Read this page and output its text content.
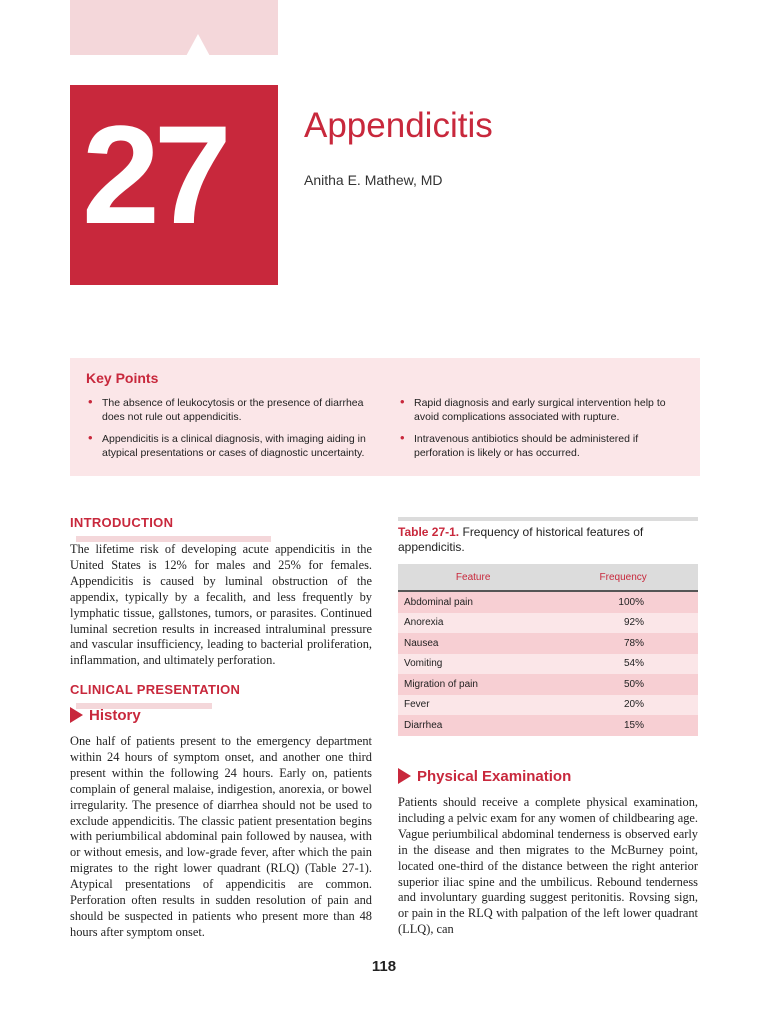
27 Appendicitis
Anitha E. Mathew, MD
Key Points
• The absence of leukocytosis or the presence of diarrhea does not rule out appendicitis.
• Appendicitis is a clinical diagnosis, with imaging aiding in atypical presentations or cases of diagnostic uncertainty.
• Rapid diagnosis and early surgical intervention help to avoid complications associated with rupture.
• Intravenous antibiotics should be administered if perforation is likely or has occurred.
INTRODUCTION

The lifetime risk of developing acute appendicitis in the United States is 12% for males and 25% for females. Appendicitis is caused by luminal obstruction of the appendix, typically by a fecalith, and less frequently by lymphatic tissue, gallstones, tumors, or parasites. Continued luminal secretion results in increased intraluminal pressure and vascular insufficiency, leading to bacterial proliferation, inflammation, and ultimately perforation.

CLINICAL PRESENTATION
History

One half of patients present to the emergency department within 24 hours of symptom onset, and another one third present within the following 24 hours. Early on, patients complain of general malaise, indigestion, anorexia, or bowel irregularity. The presence of diarrhea should not be used to exclude appendicitis. The classic patient presentation begins with periumbilical abdominal pain followed by nausea, with or without emesis, and low-grade fever, after which the pain migrates to the right lower quadrant (RLQ) (Table 27-1). Atypical presentations of appendicitis are common. Perforation often results in sudden resolution of pain and should be suspected in patients who present more than 48 hours after symptom onset.

Table 27-1. Frequency of historical features of appendicitis.
Feature	Frequency
Abdominal pain	100%
Anorexia	92%
Nausea	78%
Vomiting	54%
Migration of pain	50%
Fever	20%
Diarrhea	15%
Physical Examination

Patients should receive a complete physical examination, including a pelvic exam for any women of childbearing age. Vague periumbilical abdominal tenderness is observed early in the disease and then migrates to the McBurney point, located one-third of the distance between the right anterior superior iliac spine and the umbilicus. Rebound tenderness and involuntary guarding suggest peritonitis. Rovsing sign, or pain in the RLQ with palpation of the left lower quadrant (LLQ), can

118
